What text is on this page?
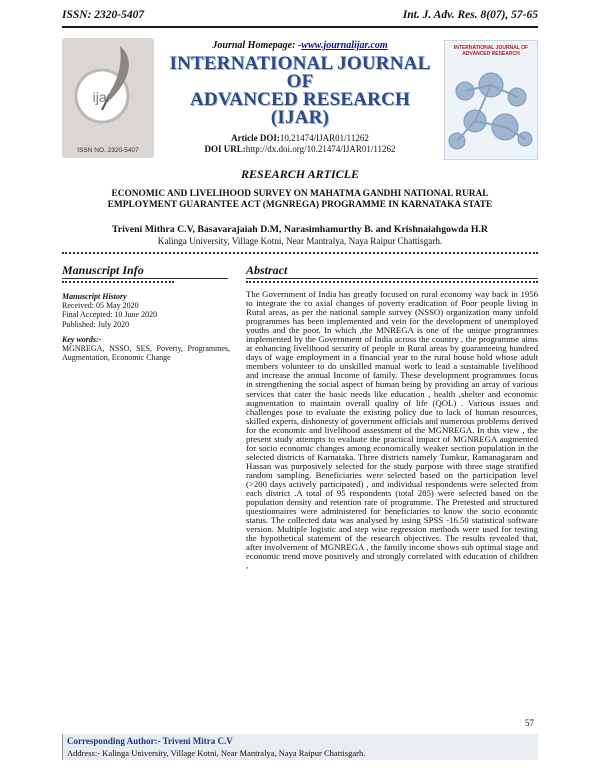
ISSN: 2320-5407	Int. J. Adv. Res. 8(07), 57-65
ijar
ISSN NO. 2320-5407
Journal Homepage: -www.journalijar.com
INTERNATIONAL JOURNAL OF
ADVANCED RESEARCH (IJAR)
Article DOI:10.21474/IJAR01/11262
DOI URL:http://dx.doi.org/10.21474/IJAR01/11262
INTERNATIONAL JOURNAL OF ADVANCED RESEARCH
RESEARCH ARTICLE
ECONOMIC AND LIVELIHOOD SURVEY ON MAHATMA GANDHI NATIONAL RURAL
EMPLOYMENT GUARANTEE ACT (MGNREGA) PROGRAMME IN KARNATAKA STATE
Triveni Mithra C.V, Basavarajaiah D.M, Narasimhamurthy B. and Krishnaiahgowda H.R
Kalinga University, Village Kotni, Near Mantralya, Naya Raipur Chattisgarh.
Manuscript Info	Abstract
Manuscript History
Received: 05 May 2020
Final Accepted: 10 June 2020
Published: July 2020
Key words:-
MGNREGA, NSSO, SES, Poverty, Programmes, Augmentation, Economic Change
The Government of India has greatly focused on rural economy way back in 1956 to integrate the co axial changes of poverty eradication of Poor people living in Rural areas, as per the national sample survey (NSSO) organization many unfold programmes has been implemented and vein for the development of unemployed youths and the poor. In which ,the MNREGA is one of the unique programmes implemented by the Government of India across the country , the programme aims at enhancing livelihood security of people in Rural areas by guaranteeing hundred days of wage employment in a financial year to the rural house hold whose adult members volunteer to do unskilled manual work to lead a sustainable livelihood and increase the annual Income of family. These development programmes focus in strengthening the social aspect of human being by providing an array of various services that cater the basic needs like education , health ,shelter and economic augmentation to maintain overall quality of life (QOL) . Various issues and challenges pose to evaluate the existing policy due to lack of human resources, skilled experts, dishonesty of government officials and numerous problems derived for the economic and livelihood assessment of the MGNREGA. In this view , the present study attempts to evaluate the practical impact of MGNREGA augmented for socio economic changes among economically weaker section population in the selected districts of Karnataka. Three districts namely Tumkur, Ramanagaram and Hassan was purposively selected for the study purpose with three stage stratified random sampling. Beneficiaries were selected based on the participation level (>200 days actively participated) , and individual respondents were selected from each district .A total of 95 respondents (total 285) were selected based on the population density and retention rate of programme. The Pretested and structured questionnaires were administered for beneficiaries to know the socio economic status. The collected data was analysed by using SPSS -16.50 statistical software version. Multiple logistic and step wise regression methods were used for testing the hypothetical statement of the research objectives. The results revealed that, after involvement of MGNREGA , the family income shows sub optimal stage and economic trend move positively and strongly correlated with education of children ,
57
Corresponding Author:- Triveni Mitra C.V
Address:- Kalinga University, Village Kotni, Near Mantralya, Naya Raipur Chattisgarh.
